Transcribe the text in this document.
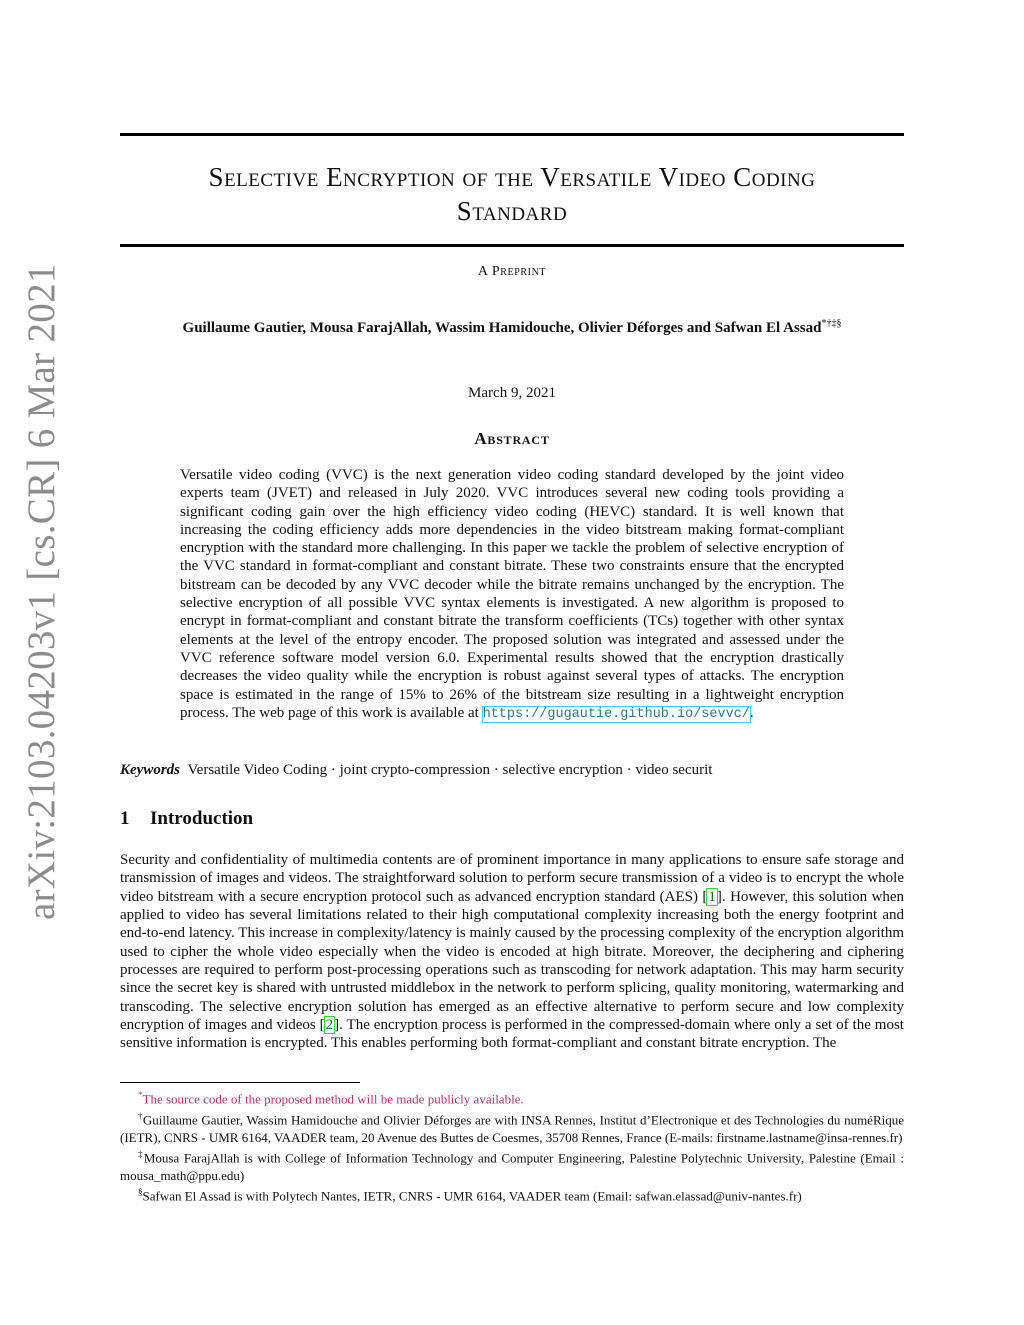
Selective Encryption of the Versatile Video Coding
Standard
A Preprint
Guillaume Gautier, Mousa FarajAllah, Wassim Hamidouche, Olivier Déforges and Safwan El Assad*†‡§
March 9, 2021
Abstract
Versatile video coding (VVC) is the next generation video coding standard developed by the joint video experts team (JVET) and released in July 2020. VVC introduces several new coding tools providing a significant coding gain over the high efficiency video coding (HEVC) standard. It is well known that increasing the coding efficiency adds more dependencies in the video bitstream making format-compliant encryption with the standard more challenging. In this paper we tackle the problem of selective encryption of the VVC standard in format-compliant and constant bitrate. These two constraints ensure that the encrypted bitstream can be decoded by any VVC decoder while the bitrate remains unchanged by the encryption. The selective encryption of all possible VVC syntax elements is investigated. A new algorithm is proposed to encrypt in format-compliant and constant bitrate the transform coefficients (TCs) together with other syntax elements at the level of the entropy encoder. The proposed solution was integrated and assessed under the VVC reference software model version 6.0. Experimental results showed that the encryption drastically decreases the video quality while the encryption is robust against several types of attacks. The encryption space is estimated in the range of 15% to 26% of the bitstream size resulting in a lightweight encryption process. The web page of this work is available at https://gugautie.github.io/sevvc/.
Keywords Versatile Video Coding · joint crypto-compression · selective encryption · video securit
1 Introduction
Security and confidentiality of multimedia contents are of prominent importance in many applications to ensure safe storage and transmission of images and videos. The straightforward solution to perform secure transmission of a video is to encrypt the whole video bitstream with a secure encryption protocol such as advanced encryption standard (AES) [1]. However, this solution when applied to video has several limitations related to their high computational complexity increasing both the energy footprint and end-to-end latency. This increase in complexity/latency is mainly caused by the processing complexity of the encryption algorithm used to cipher the whole video especially when the video is encoded at high bitrate. Moreover, the deciphering and ciphering processes are required to perform post-processing operations such as transcoding for network adaptation. This may harm security since the secret key is shared with untrusted middlebox in the network to perform splicing, quality monitoring, watermarking and transcoding. The selective encryption solution has emerged as an effective alternative to perform secure and low complexity encryption of images and videos [2]. The encryption process is performed in the compressed-domain where only a set of the most sensitive information is encrypted. This enables performing both format-compliant and constant bitrate encryption. The

*The source code of the proposed method will be made publicly available.

†Guillaume Gautier, Wassim Hamidouche and Olivier Déforges are with INSA Rennes, Institut d’Electronique et des Technologies du numéRique (IETR), CNRS - UMR 6164, VAADER team, 20 Avenue des Buttes de Coesmes, 35708 Rennes, France (E-mails: firstname.lastname@insa-rennes.fr)

‡Mousa FarajAllah is with College of Information Technology and Computer Engineering, Palestine Polytechnic University, Palestine (Email : mousa_math@ppu.edu)

§Safwan El Assad is with Polytech Nantes, IETR, CNRS - UMR 6164, VAADER team (Email: safwan.elassad@univ-nantes.fr)

arXiv:2103.04203v1 [cs.CR] 6 Mar 2021
